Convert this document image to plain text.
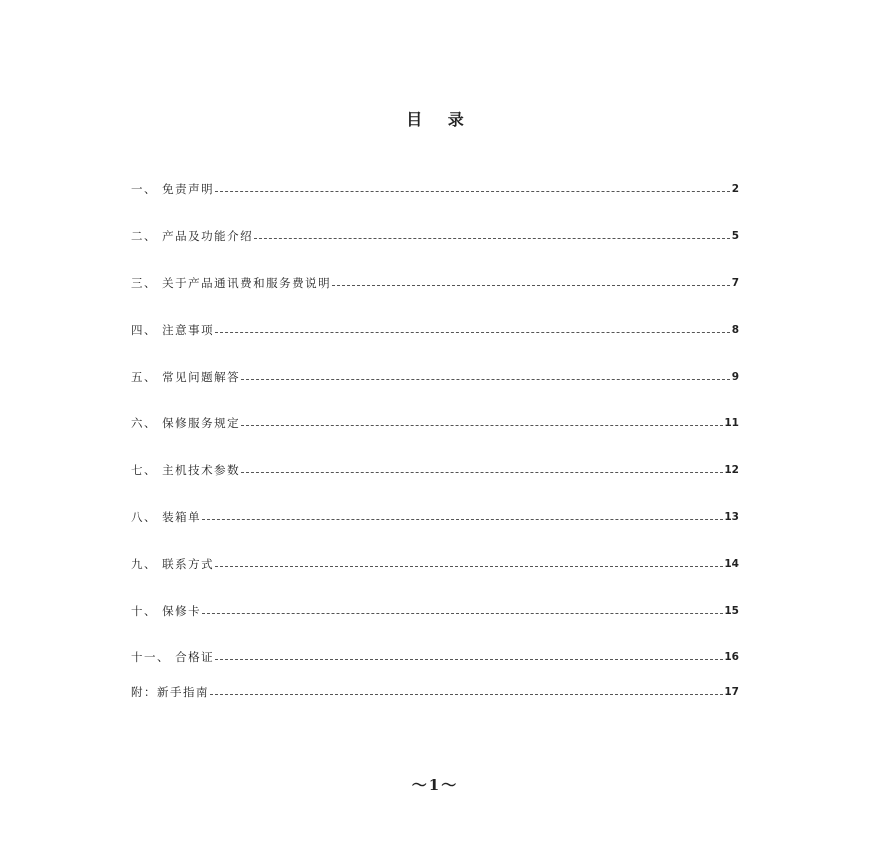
目 录
一、 免责声明	2
二、 产品及功能介绍	5
三、 关于产品通讯费和服务费说明	7
四、 注意事项	8
五、 常见问题解答	9
六、 保修服务规定	11
七、 主机技术参数	12
八、 装箱单	13
九、 联系方式	14
十、 保修卡	15
十一、 合格证	16
附：新手指南	17
～1～
